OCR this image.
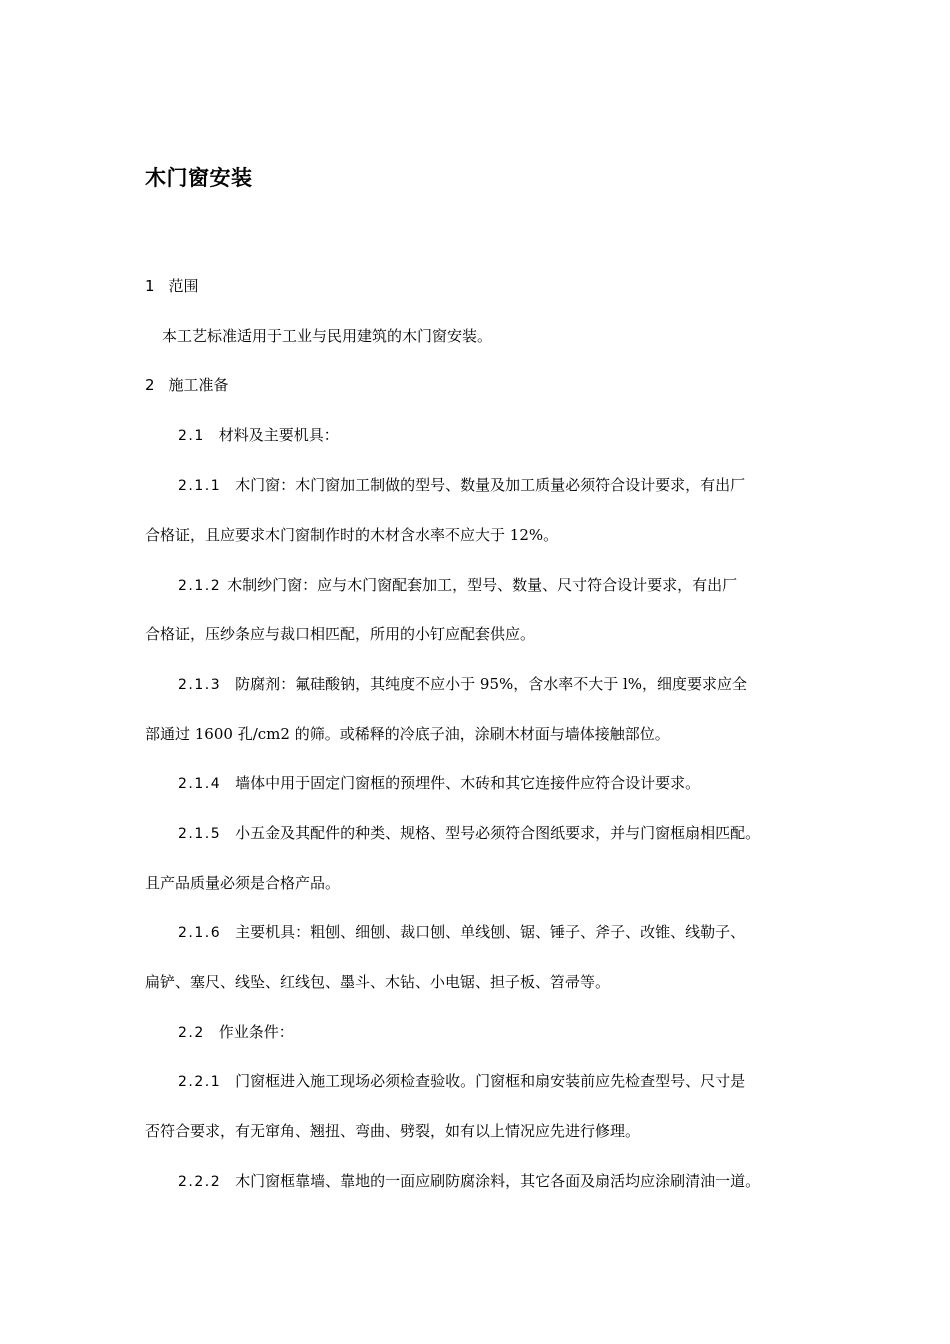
木门窗安装
1 范围
本工艺标准适用于工业与民用建筑的木门窗安装。
2 施工准备
2.1 材料及主要机具：
2.1.1 木门窗：木门窗加工制做的型号、数量及加工质量必须符合设计要求，有出厂
合格证，且应要求木门窗制作时的木材含水率不应大于 12%。
2.1.2 木制纱门窗：应与木门窗配套加工，型号、数量、尺寸符合设计要求，有出厂
合格证，压纱条应与裁口相匹配，所用的小钉应配套供应。
2.1.3 防腐剂：氟硅酸钠，其纯度不应小于 95%，含水率不大于 l%，细度要求应全
部通过 1600 孔/cm2 的筛。或稀释的冷底子油，涂刷木材面与墙体接触部位。
2.1.4 墙体中用于固定门窗框的预埋件、木砖和其它连接件应符合设计要求。
2.1.5 小五金及其配件的种类、规格、型号必须符合图纸要求，并与门窗框扇相匹配。
且产品质量必须是合格产品。
2.1.6 主要机具：粗刨、细刨、裁口刨、单线刨、锯、锤子、斧子、改锥、线勒子、
扁铲、塞尺、线坠、红线包、墨斗、木钻、小电锯、担子板、笤帚等。
2.2 作业条件：
2.2.1 门窗框进入施工现场必须检查验收。门窗框和扇安装前应先检查型号、尺寸是
否符合要求，有无窜角、翘扭、弯曲、劈裂，如有以上情况应先进行修理。
2.2.2 木门窗框靠墙、靠地的一面应刷防腐涂料，其它各面及扇活均应涂刷清油一道。
